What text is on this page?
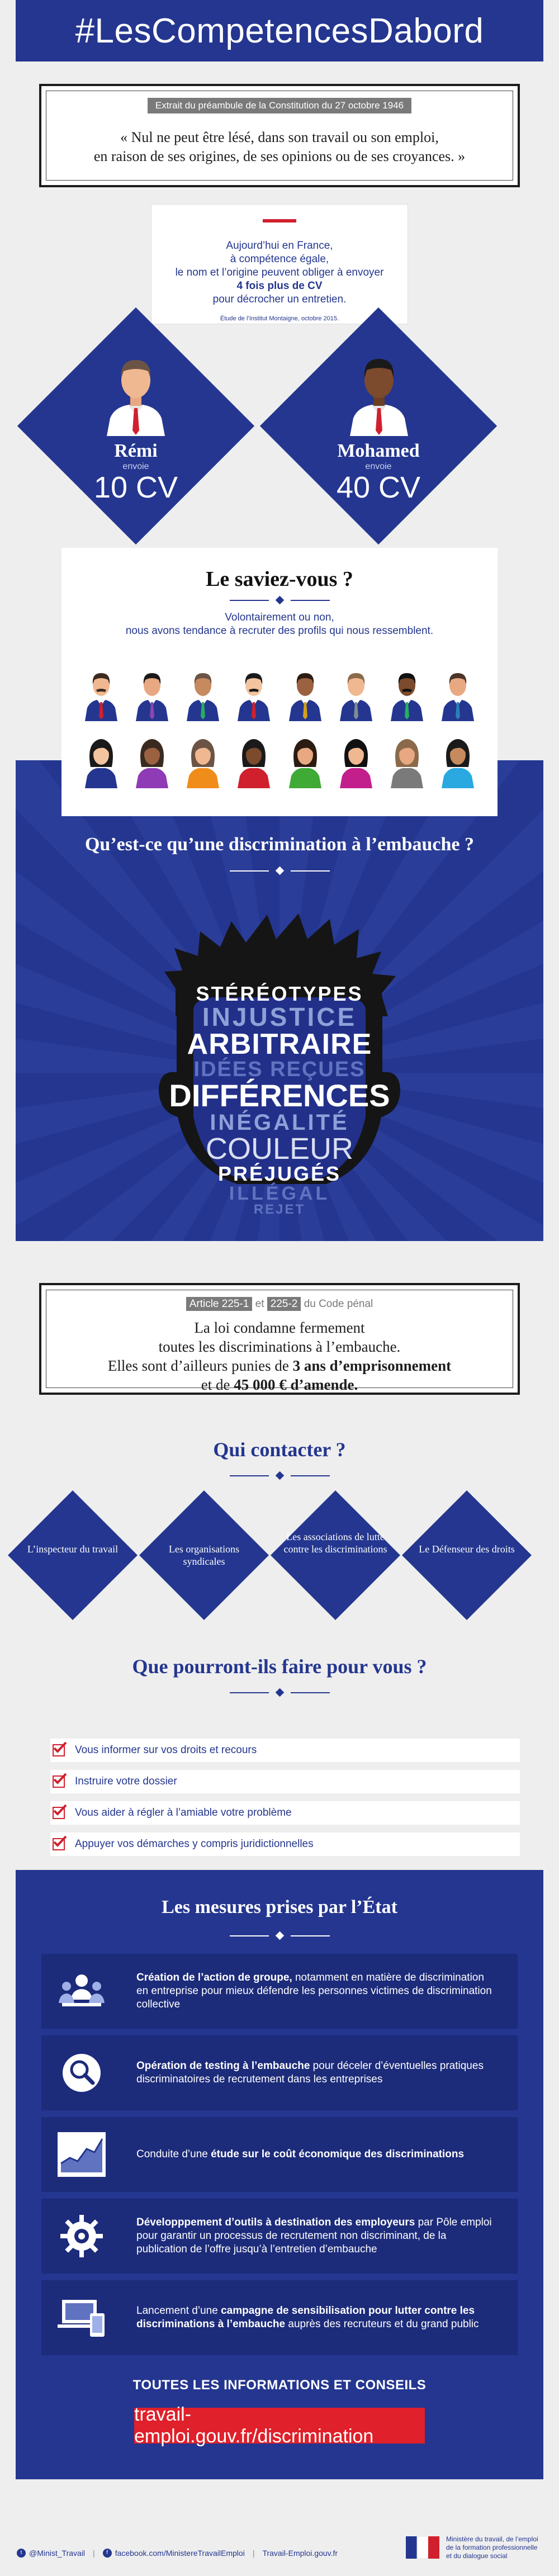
#LesCompetencesDabord
Extrait du préambule de la Constitution du 27 octobre 1946
« Nul ne peut être lésé, dans son travail ou son emploi,
en raison de ses origines, de ses opinions ou de ses croyances. »
Aujourd’hui en France,
à compétence égale,
le nom et l’origine peuvent obliger à envoyer
4 fois plus de CV
pour décrocher un entretien.
Étude de l’Institut Montaigne, octobre 2015.
Rémi
envoie
10 CV
Mohamed
envoie
40 CV
Le saviez-vous ?
Volontairement ou non,
nous avons tendance à recruter des profils qui nous ressemblent.
Qu’est-ce qu’une discrimination à l’embauche ?
STÉRÉOTYPES
INJUSTICE
ARBITRAIRE
IDÉES REÇUES
DIFFÉRENCES
INÉGALITÉ
COULEUR
PRÉJUGÉS
ILLÉGAL
REJET
Article 225-1 et 225-2 du Code pénal
La loi condamne fermement
toutes les discriminations à l’embauche.
Elles sont d’ailleurs punies de 3 ans d’emprisonnement
et de 45 000 € d’amende.
Qui contacter ?
L’inspecteur du travail	Les organisations syndicales
Les associations de lutte contre les discriminations	Le Défenseur des droits
Que pourront-ils faire pour vous ?
Vous informer sur vos droits et recours
Instruire votre dossier
Vous aider à régler à l’amiable votre problème
Appuyer vos démarches y compris juridictionnelles
Les mesures prises par l’État
Création de l’action de groupe, notamment en matière de discrimination en entreprise pour mieux défendre les personnes victimes de discrimination collective
Opération de testing à l’embauche pour déceler d’éventuelles pratiques discriminatoires de recrutement dans les entreprises
Conduite d’une étude sur le coût économique des discriminations
Développpement d’outils à destination des employeurs par Pôle emploi pour garantir un processus de recrutement non discriminant, de la publication de l’offre jusqu’à l’entretien d’embauche
Lancement d’une campagne de sensibilisation pour lutter contre les discriminations à l’embauche auprès des recruteurs et du grand public
TOUTES LES INFORMATIONS ET CONSEILS
travail-emploi.gouv.fr/discrimination
t @Minist_Travail |	f facebook.com/MinistereTravailEmploi | Travail-Emploi.gouv.fr
Ministère du travail, de l’emploi
de la formation professionnelle
et du dialogue social
